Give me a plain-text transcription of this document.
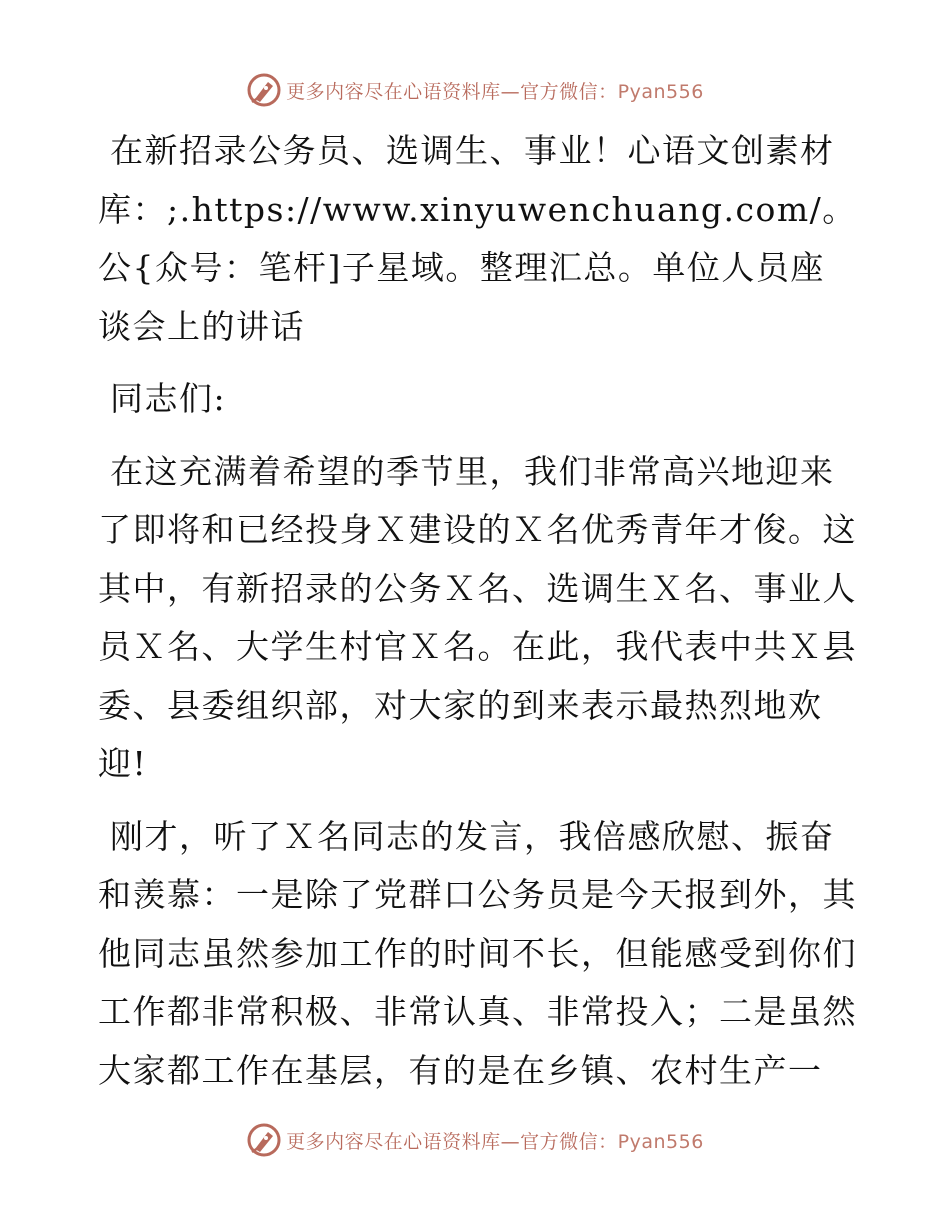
更多内容尽在心语资料库—官方微信：Pyan556

在新招录公务员、选调生、事业！心语文创素材库：;.https://www.xinyuwenchuang.com/。公{众号：笔杆]子星域。整理汇总。单位人员座谈会上的讲话

同志们:

在这充满着希望的季节里，我们非常高兴地迎来了即将和已经投身Ｘ建设的Ｘ名优秀青年才俊。这其中，有新招录的公务Ｘ名、选调生Ｘ名、事业人员Ｘ名、大学生村官Ｘ名。在此，我代表中共Ｘ县委、县委组织部，对大家的到来表示最热烈地欢迎!

刚才，听了Ｘ名同志的发言，我倍感欣慰、振奋和羡慕：一是除了党群口公务员是今天报到外，其他同志虽然参加工作的时间不长，但能感受到你们工作都非常积极、非常认真、非常投入；二是虽然大家都工作在基层，有的是在乡镇、农村生产一

更多内容尽在心语资料库—官方微信：Pyan556
